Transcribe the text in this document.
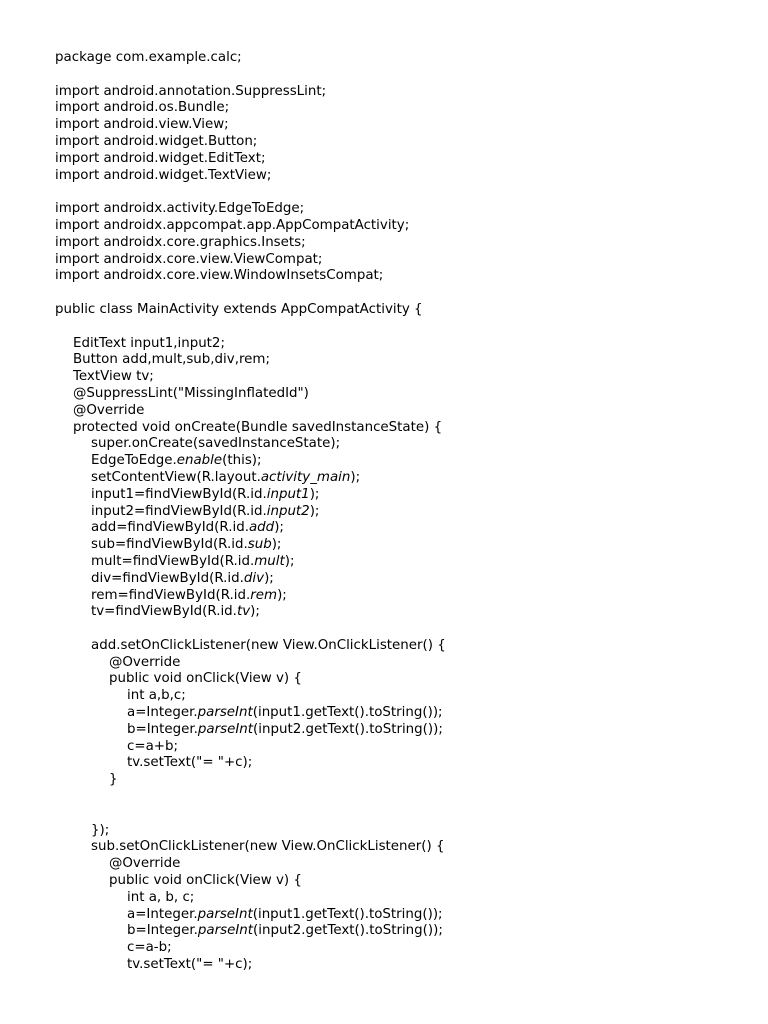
package com.example.calc;
import android.annotation.SuppressLint;
import android.os.Bundle;
import android.view.View;
import android.widget.Button;
import android.widget.EditText;
import android.widget.TextView;
import androidx.activity.EdgeToEdge;
import androidx.appcompat.app.AppCompatActivity;
import androidx.core.graphics.Insets;
import androidx.core.view.ViewCompat;
import androidx.core.view.WindowInsetsCompat;
public class MainActivity extends AppCompatActivity {
EditText input1,input2;
Button add,mult,sub,div,rem;
TextView tv;
@SuppressLint("MissingInflatedId")
@Override
protected void onCreate(Bundle savedInstanceState) {
super.onCreate(savedInstanceState);
EdgeToEdge.enable(this);
setContentView(R.layout.activity_main);
input1=findViewById(R.id.input1);
input2=findViewById(R.id.input2);
add=findViewById(R.id.add);
sub=findViewById(R.id.sub);
mult=findViewById(R.id.mult);
div=findViewById(R.id.div);
rem=findViewById(R.id.rem);
tv=findViewById(R.id.tv);
add.setOnClickListener(new View.OnClickListener() {
@Override
public void onClick(View v) {
int a,b,c;
a=Integer.parseInt(input1.getText().toString());
b=Integer.parseInt(input2.getText().toString());
c=a+b;
tv.setText("= "+c);
}
});
sub.setOnClickListener(new View.OnClickListener() {
@Override
public void onClick(View v) {
int a, b, c;
a=Integer.parseInt(input1.getText().toString());
b=Integer.parseInt(input2.getText().toString());
c=a-b;
tv.setText("= "+c);
